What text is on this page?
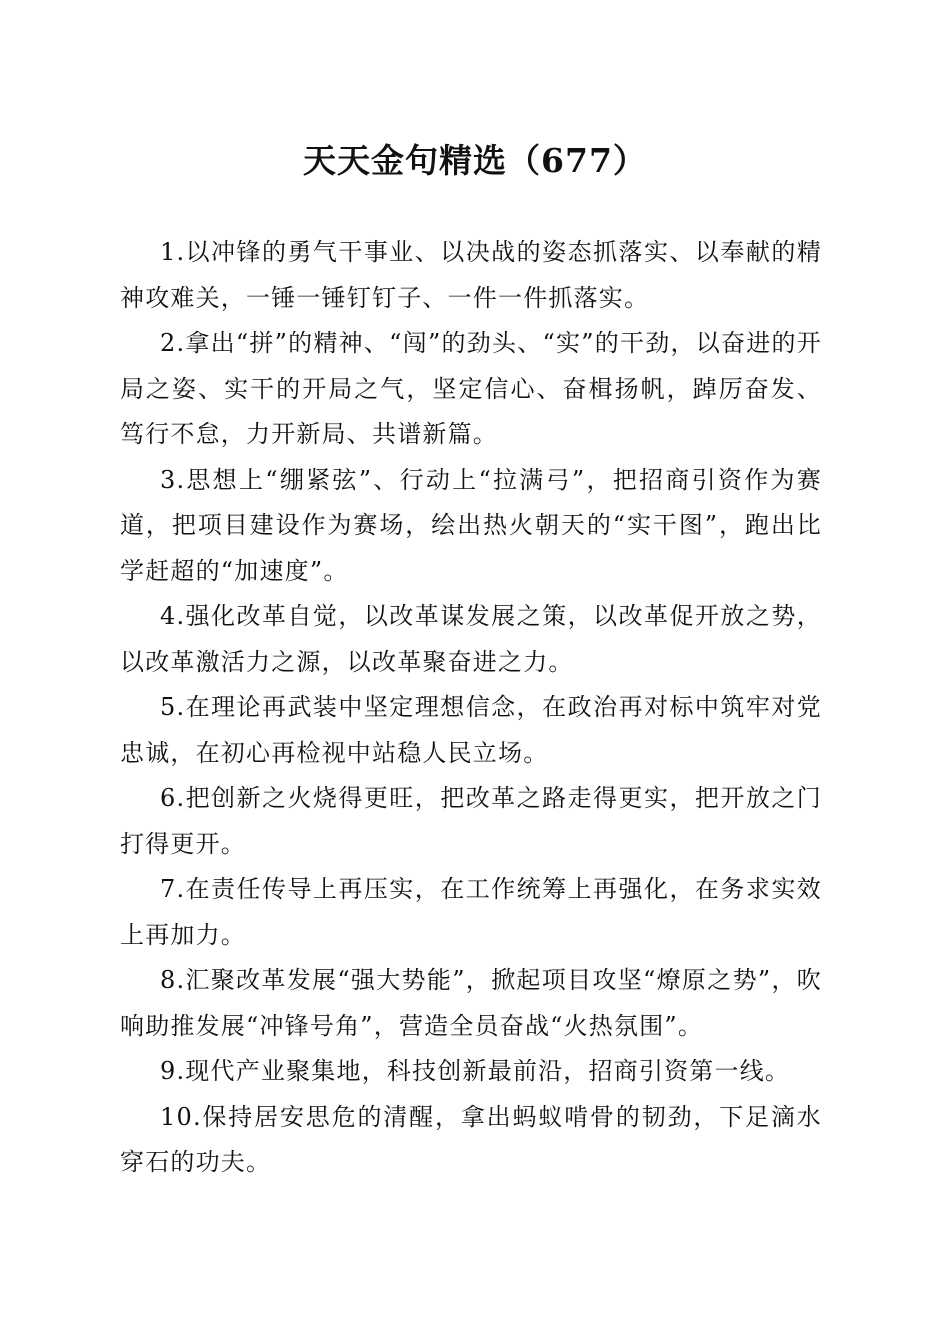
天天金句精选（677）

1.以冲锋的勇气干事业、以决战的姿态抓落实、以奉献的精神攻难关，一锤一锤钉钉子、一件一件抓落实。

2.拿出“拼”的精神、“闯”的劲头、“实”的干劲，以奋进的开局之姿、实干的开局之气，坚定信心、奋楫扬帆，踔厉奋发、笃行不怠，力开新局、共谱新篇。

3.思想上“绷紧弦”、行动上“拉满弓”，把招商引资作为赛道，把项目建设作为赛场，绘出热火朝天的“实干图”，跑出比学赶超的“加速度”。

4.强化改革自觉，以改革谋发展之策，以改革促开放之势，以改革激活力之源，以改革聚奋进之力。

5.在理论再武装中坚定理想信念，在政治再对标中筑牢对党忠诚，在初心再检视中站稳人民立场。

6.把创新之火烧得更旺，把改革之路走得更实，把开放之门打得更开。

7.在责任传导上再压实，在工作统筹上再强化，在务求实效上再加力。

8.汇聚改革发展“强大势能”，掀起项目攻坚“燎原之势”，吹响助推发展“冲锋号角”，营造全员奋战“火热氛围”。

9.现代产业聚集地，科技创新最前沿，招商引资第一线。

10.保持居安思危的清醒，拿出蚂蚁啃骨的韧劲，下足滴水穿石的功夫。
